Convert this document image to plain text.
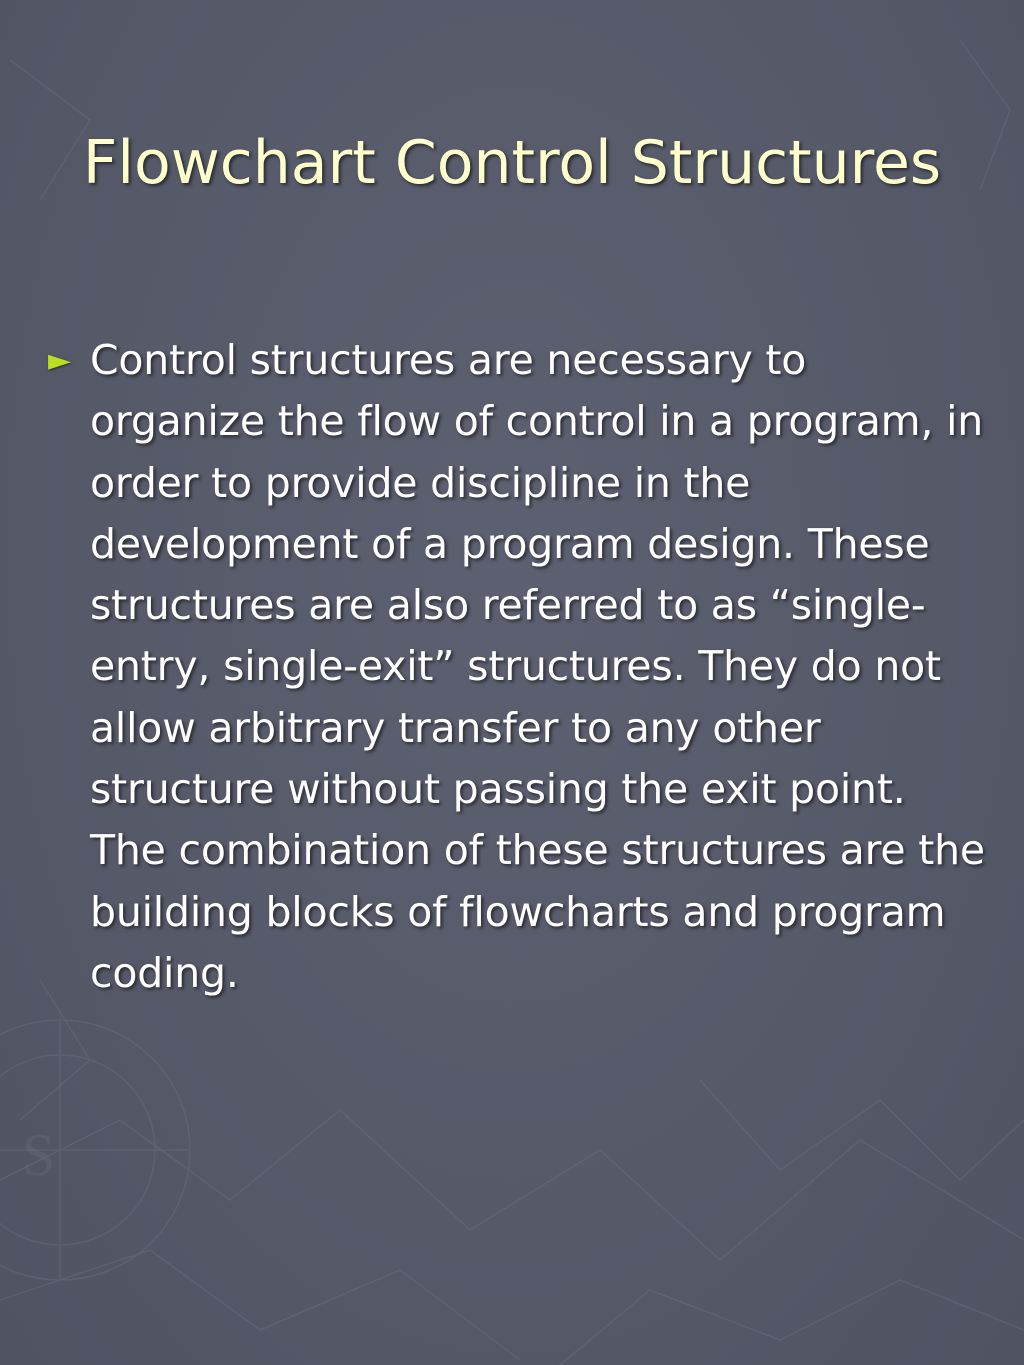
S
Flowchart Control Structures
► Control structures are necessary to organize the flow of control in a program, in order to provide discipline in the development of a program design. These structures are also referred to as “single-entry, single-exit” structures. They do not allow arbitrary transfer to any other structure without passing the exit point. The combination of these structures are the building blocks of flowcharts and program coding.
